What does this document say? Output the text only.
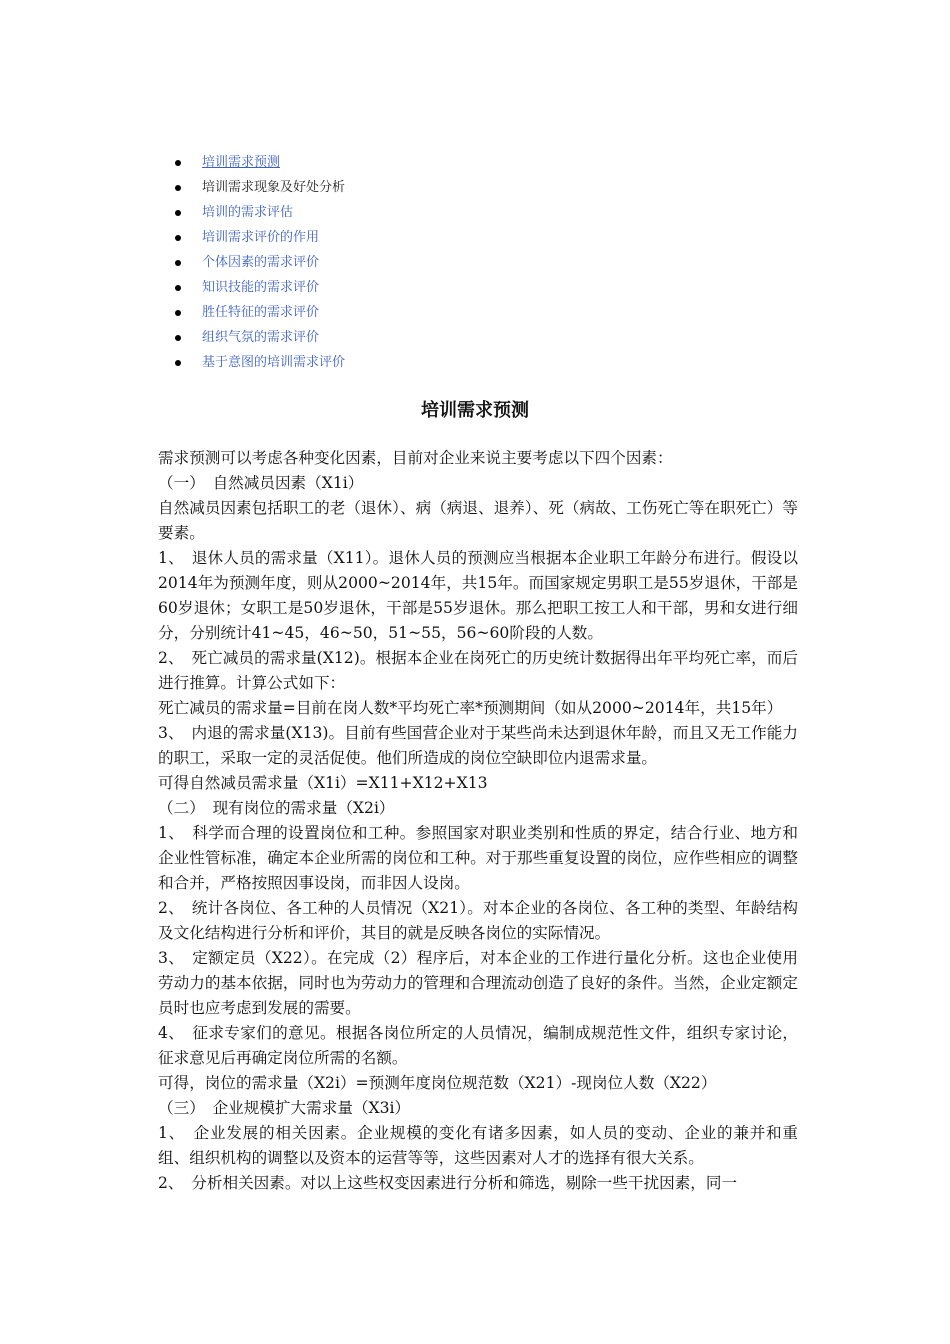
培训需求预测
培训需求现象及好处分析
培训的需求评估
培训需求评价的作用
个体因素的需求评价
知识技能的需求评价
胜任特征的需求评价
组织气氛的需求评价
基于意图的培训需求评价
培训需求预测

需求预测可以考虑各种变化因素，目前对企业来说主要考虑以下四个因素：

（一）　自然减员因素（X1i）

自然减员因素包括职工的老（退休）、病（病退、退养）、死（病故、工伤死亡等在职死亡）等要素。

1、　退休人员的需求量（X11）。退休人员的预测应当根据本企业职工年龄分布进行。假设以2014年为预测年度，则从2000~2014年，共15年。而国家规定男职工是55岁退休，干部是60岁退休；女职工是50岁退休，干部是55岁退休。那么把职工按工人和干部，男和女进行细分，分别统计41~45，46~50，51~55，56~60阶段的人数。

2、　死亡减员的需求量(X12)。根据本企业在岗死亡的历史统计数据得出年平均死亡率，而后进行推算。计算公式如下：

死亡减员的需求量=目前在岗人数*平均死亡率*预测期间（如从2000~2014年，共15年）

3、　内退的需求量(X13)。目前有些国营企业对于某些尚未达到退休年龄，而且又无工作能力的职工，采取一定的灵活促使。他们所造成的岗位空缺即位内退需求量。

可得自然减员需求量（X1i）=X11+X12+X13

（二）　现有岗位的需求量（X2i）

1、　科学而合理的设置岗位和工种。参照国家对职业类别和性质的界定，结合行业、地方和企业性管标准，确定本企业所需的岗位和工种。对于那些重复设置的岗位，应作些相应的调整和合并，严格按照因事设岗，而非因人设岗。

2、　统计各岗位、各工种的人员情况（X21）。对本企业的各岗位、各工种的类型、年龄结构及文化结构进行分析和评价，其目的就是反映各岗位的实际情况。

3、　定额定员（X22）。在完成（2）程序后，对本企业的工作进行量化分析。这也企业使用劳动力的基本依据，同时也为劳动力的管理和合理流动创造了良好的条件。当然，企业定额定员时也应考虑到发展的需要。

4、　征求专家们的意见。根据各岗位所定的人员情况，编制成规范性文件，组织专家讨论，征求意见后再确定岗位所需的名额。

可得，岗位的需求量（X2i）=预测年度岗位规范数（X21）-现岗位人数（X22）

（三）　企业规模扩大需求量（X3i）

1、　企业发展的相关因素。企业规模的变化有诸多因素，如人员的变动、企业的兼并和重组、组织机构的调整以及资本的运营等等，这些因素对人才的选择有很大关系。

2、　分析相关因素。对以上这些权变因素进行分析和筛选，剔除一些干扰因素，同一
